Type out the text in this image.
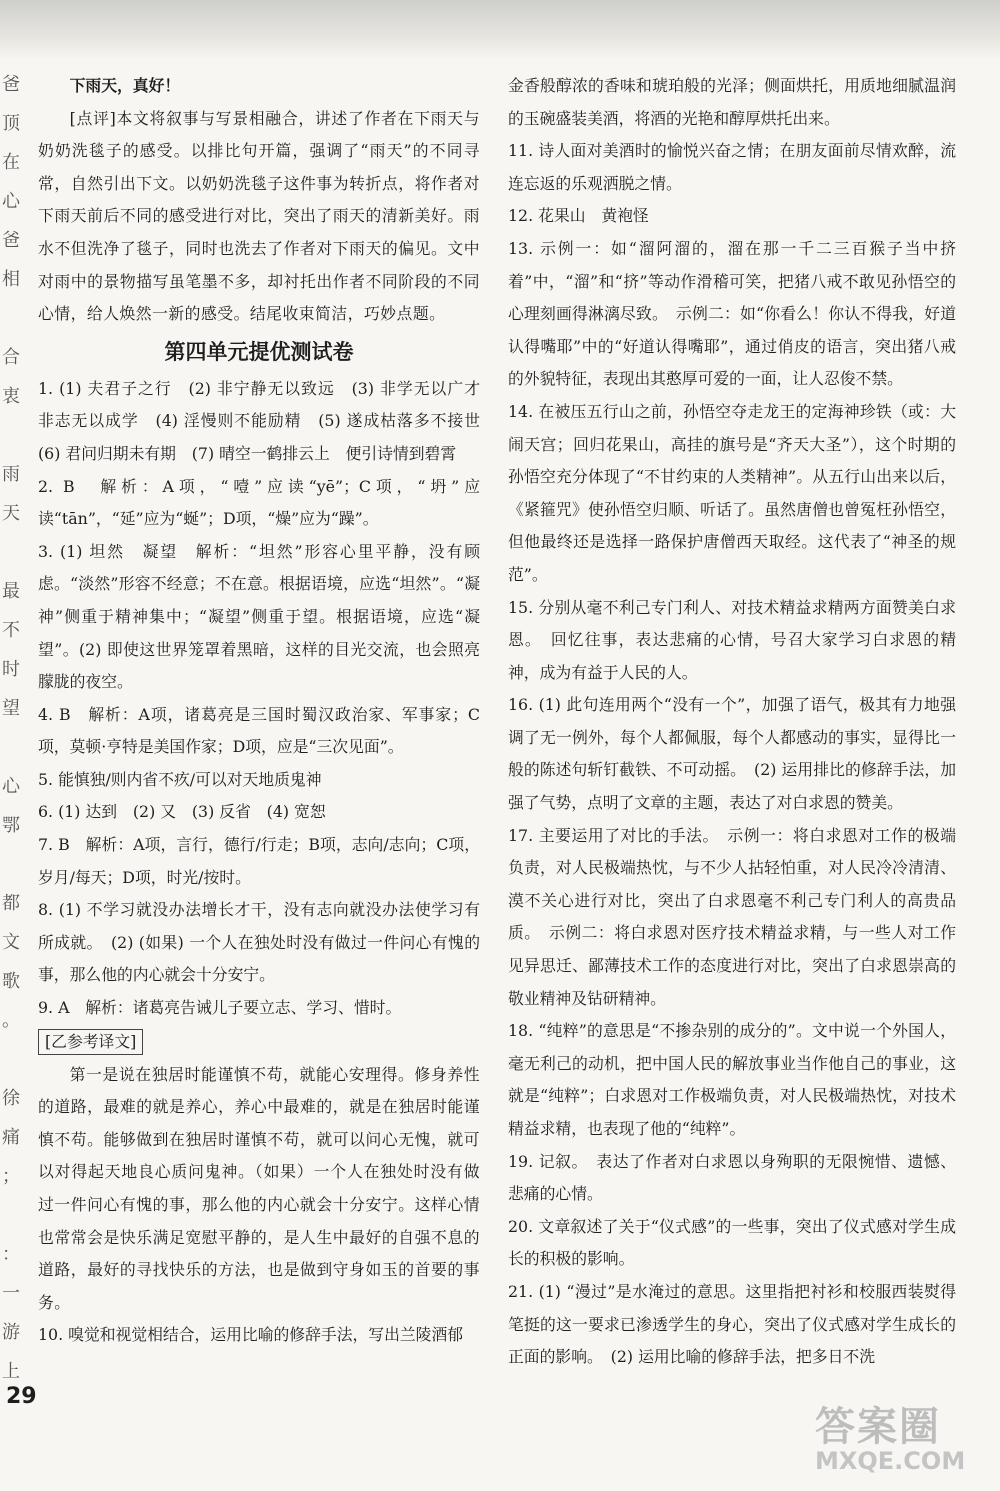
爸
顶
在
心
爸
相
合
衷
雨
天
最
不
时
望
心
鄂
都
文
歌
。
徐
痛
；
：
一
游
上

下雨天，真好！

[点评]本文将叙事与写景相融合，讲述了作者在下雨天与奶奶洗毯子的感受。以排比句开篇，强调了“雨天”的不同寻常，自然引出下文。以奶奶洗毯子这件事为转折点，将作者对下雨天前后不同的感受进行对比，突出了雨天的清新美好。雨水不但洗净了毯子，同时也洗去了作者对下雨天的偏见。文中对雨中的景物描写虽笔墨不多，却衬托出作者不同阶段的不同心情，给人焕然一新的感受。结尾收束简洁，巧妙点题。

第四单元提优测试卷

1. (1) 夫君子之行　(2) 非宁静无以致远　(3) 非学无以广才　非志无以成学　(4) 淫慢则不能励精　(5) 遂成枯落多不接世　(6) 君问归期未有期　(7) 晴空一鹤排云上　便引诗情到碧霄

2. B　解析：A项，“噎”应读“yē”；C项，“坍”应读“tān”，“延”应为“蜒”；D项，“燥”应为“躁”。

3. (1) 坦然　凝望　解析：“坦然”形容心里平静，没有顾虑。“淡然”形容不经意；不在意。根据语境，应选“坦然”。“凝神”侧重于精神集中；“凝望”侧重于望。根据语境，应选“凝望”。(2) 即使这世界笼罩着黑暗，这样的目光交流，也会照亮朦胧的夜空。

4. B　解析：A项，诸葛亮是三国时蜀汉政治家、军事家；C项，莫顿·亨特是美国作家；D项，应是“三次见面”。

5. 能慎独/则内省不疚/可以对天地质鬼神

6. (1) 达到　(2) 又　(3) 反省　(4) 宽恕

7. B　解析：A项，言行，德行/行走；B项，志向/志向；C项，岁月/每天；D项，时光/按时。

8. (1) 不学习就没办法增长才干，没有志向就没办法使学习有所成就。　(2) (如果) 一个人在独处时没有做过一件问心有愧的事，那么他的内心就会十分安宁。

9. A　解析：诸葛亮告诫儿子要立志、学习、惜时。

[乙参考译文]

第一是说在独居时能谨慎不苟，就能心安理得。修身养性的道路，最难的就是养心，养心中最难的，就是在独居时能谨慎不苟。能够做到在独居时谨慎不苟，就可以问心无愧，就可以对得起天地良心质问鬼神。（如果）一个人在独处时没有做过一件问心有愧的事，那么他的内心就会十分安宁。这样心情也常常会是快乐满足宽慰平静的，是人生中最好的自强不息的道路，最好的寻找快乐的方法，也是做到守身如玉的首要的事务。

10. 嗅觉和视觉相结合，运用比喻的修辞手法，写出兰陵酒郁

金香般醇浓的香味和琥珀般的光泽；侧面烘托，用质地细腻温润的玉碗盛装美酒，将酒的光艳和醇厚烘托出来。

11. 诗人面对美酒时的愉悦兴奋之情；在朋友面前尽情欢醉，流连忘返的乐观洒脱之情。

12. 花果山　黄袍怪

13. 示例一：如“溜阿溜的，溜在那一千二三百猴子当中挤着”中，“溜”和“挤”等动作滑稽可笑，把猪八戒不敢见孙悟空的心理刻画得淋漓尽致。　示例二：如“你看么！你认不得我，好道认得嘴耶”中的“好道认得嘴耶”，通过俏皮的语言，突出猪八戒的外貌特征，表现出其憨厚可爱的一面，让人忍俊不禁。

14. 在被压五行山之前，孙悟空夺走龙王的定海神珍铁（或：大闹天宫；回归花果山，高挂的旗号是“齐天大圣”），这个时期的孙悟空充分体现了“不甘约束的人类精神”。从五行山出来以后，《紧箍咒》使孙悟空归顺、听话了。虽然唐僧也曾冤枉孙悟空，但他最终还是选择一路保护唐僧西天取经。这代表了“神圣的规范”。

15. 分别从毫不利己专门利人、对技术精益求精两方面赞美白求恩。　回忆往事，表达悲痛的心情，号召大家学习白求恩的精神，成为有益于人民的人。

16. (1) 此句连用两个“没有一个”，加强了语气，极其有力地强调了无一例外，每个人都佩服，每个人都感动的事实，显得比一般的陈述句斩钉截铁、不可动摇。　(2) 运用排比的修辞手法，加强了气势，点明了文章的主题，表达了对白求恩的赞美。

17. 主要运用了对比的手法。　示例一：将白求恩对工作的极端负责，对人民极端热忱，与不少人拈轻怕重，对人民冷冷清清、漠不关心进行对比，突出了白求恩毫不利己专门利人的高贵品质。　示例二：将白求恩对医疗技术精益求精，与一些人对工作见异思迁、鄙薄技术工作的态度进行对比，突出了白求恩崇高的敬业精神及钻研精神。

18. “纯粹”的意思是“不掺杂别的成分的”。文中说一个外国人，毫无利己的动机，把中国人民的解放事业当作他自己的事业，这就是“纯粹”；白求恩对工作极端负责，对人民极端热忱，对技术精益求精，也表现了他的“纯粹”。

19. 记叙。　表达了作者对白求恩以身殉职的无限惋惜、遗憾、悲痛的心情。

20. 文章叙述了关于“仪式感”的一些事，突出了仪式感对学生成长的积极的影响。

21. (1) “漫过”是水淹过的意思。这里指把衬衫和校服西装熨得笔挺的这一要求已渗透学生的身心，突出了仪式感对学生成长的正面的影响。　(2) 运用比喻的修辞手法，把多日不洗

29
答案圈
MXQE.COM
